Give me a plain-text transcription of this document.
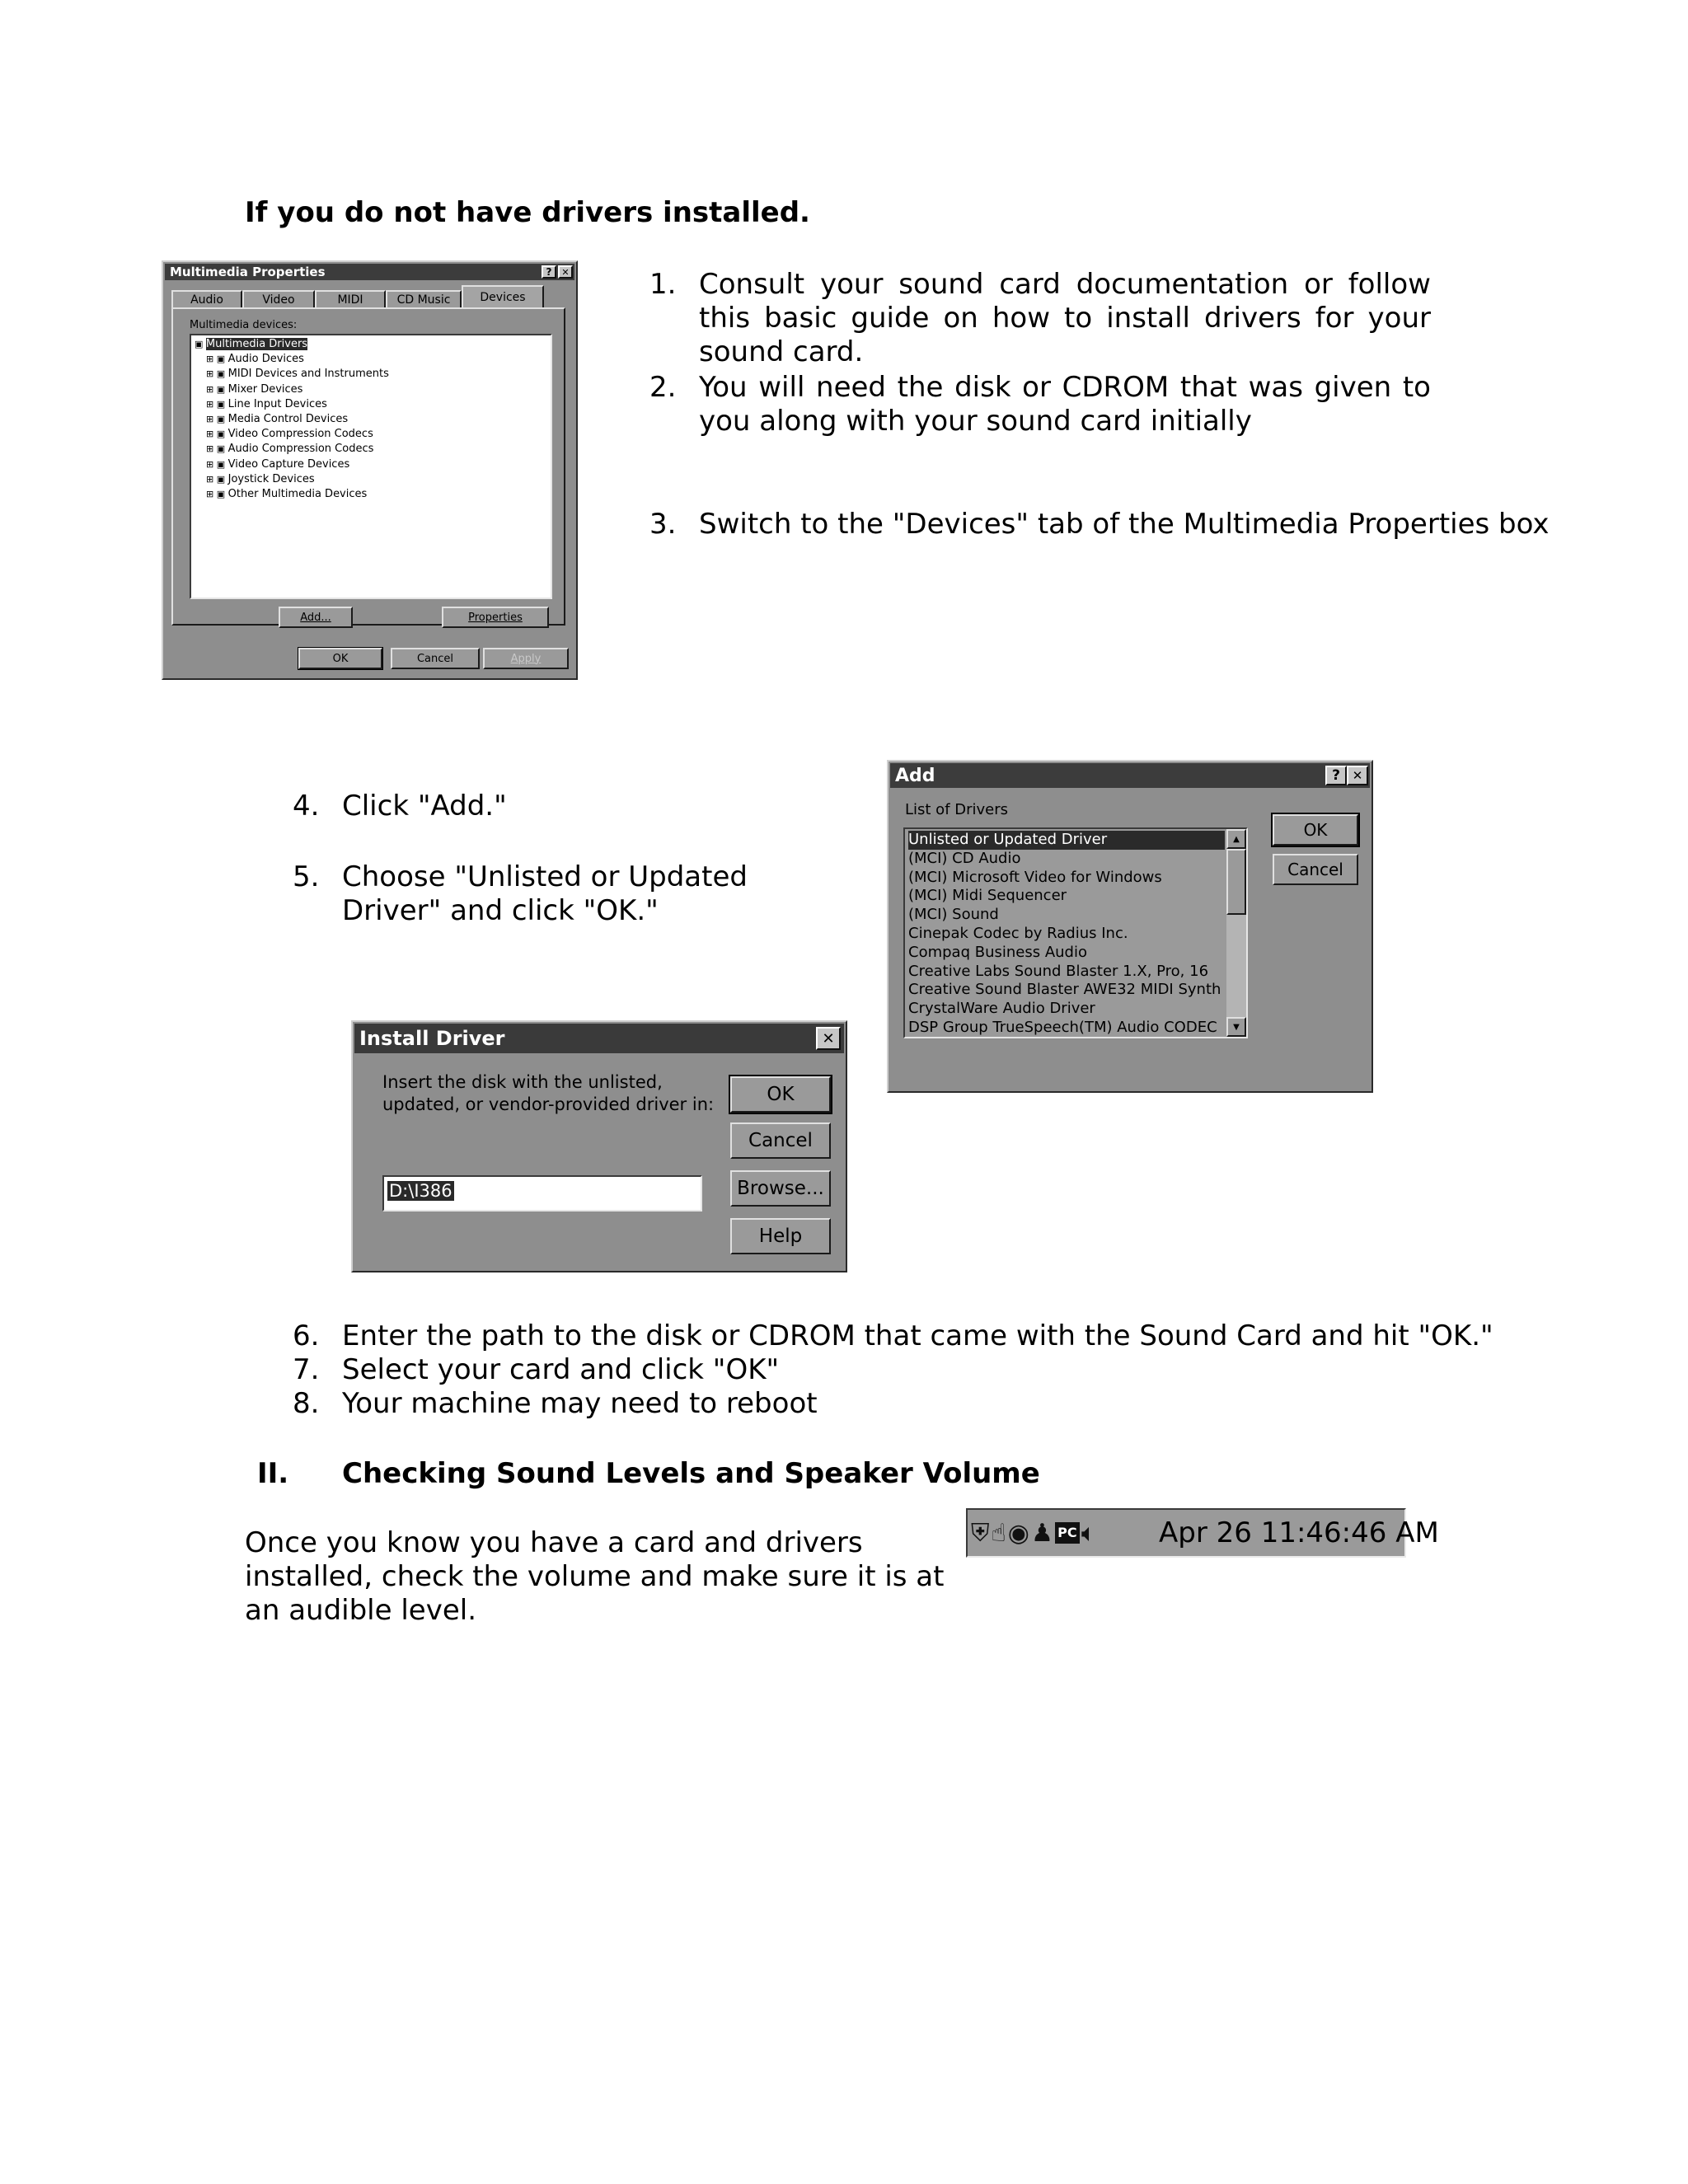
If you do not have drivers installed.
Multimedia Properties	?	✕
Audio	Video	MIDI	CD Music	Devices
Multimedia devices:
▣ Multimedia Drivers
⊞ ▣ Audio Devices
⊞ ▣ MIDI Devices and Instruments
⊞ ▣ Mixer Devices
⊞ ▣ Line Input Devices
⊞ ▣ Media Control Devices
⊞ ▣ Video Compression Codecs
⊞ ▣ Audio Compression Codecs
⊞ ▣ Video Capture Devices
⊞ ▣ Joystick Devices
⊞ ▣ Other Multimedia Devices
Add...	Properties
OK	Cancel	Apply
1. Consult your sound card documentation or follow this basic guide on how to install drivers for your sound card.
2. You will need the disk or CDROM that was given to you along with your sound card initially
3. Switch to the "Devices" tab of the Multimedia Properties box
4. Click "Add."
5. Choose "Unlisted or Updated Driver" and click "OK."
Add	? ✕
List of Drivers
Unlisted or Updated Driver
(MCI) CD Audio
(MCI) Microsoft Video for Windows
(MCI) Midi Sequencer
(MCI) Sound
Cinepak Codec by Radius Inc.
Compaq Business Audio
Creative Labs Sound Blaster 1.X, Pro, 16
Creative Sound Blaster AWE32 MIDI Synth
CrystalWare Audio Driver
DSP Group TrueSpeech(TM) Audio CODEC
▲
▼
OK
Cancel
Install Driver	✕
Insert the disk with the unlisted, updated, or vendor-provided driver in:
D:\I386
OK
Cancel
Browse...
Help
6. Enter the path to the disk or CDROM that came with the Sound Card and hit "OK."
7. Select your card and click "OK"
8. Your machine may need to reboot
II. Checking Sound Levels and Speaker Volume
Once you know you have a card and drivers installed, check the volume and make sure it is at an audible level.
⛨ ☝ ◉ ♟ PC 🔈︎ Apr 26 11:46:46 AM
